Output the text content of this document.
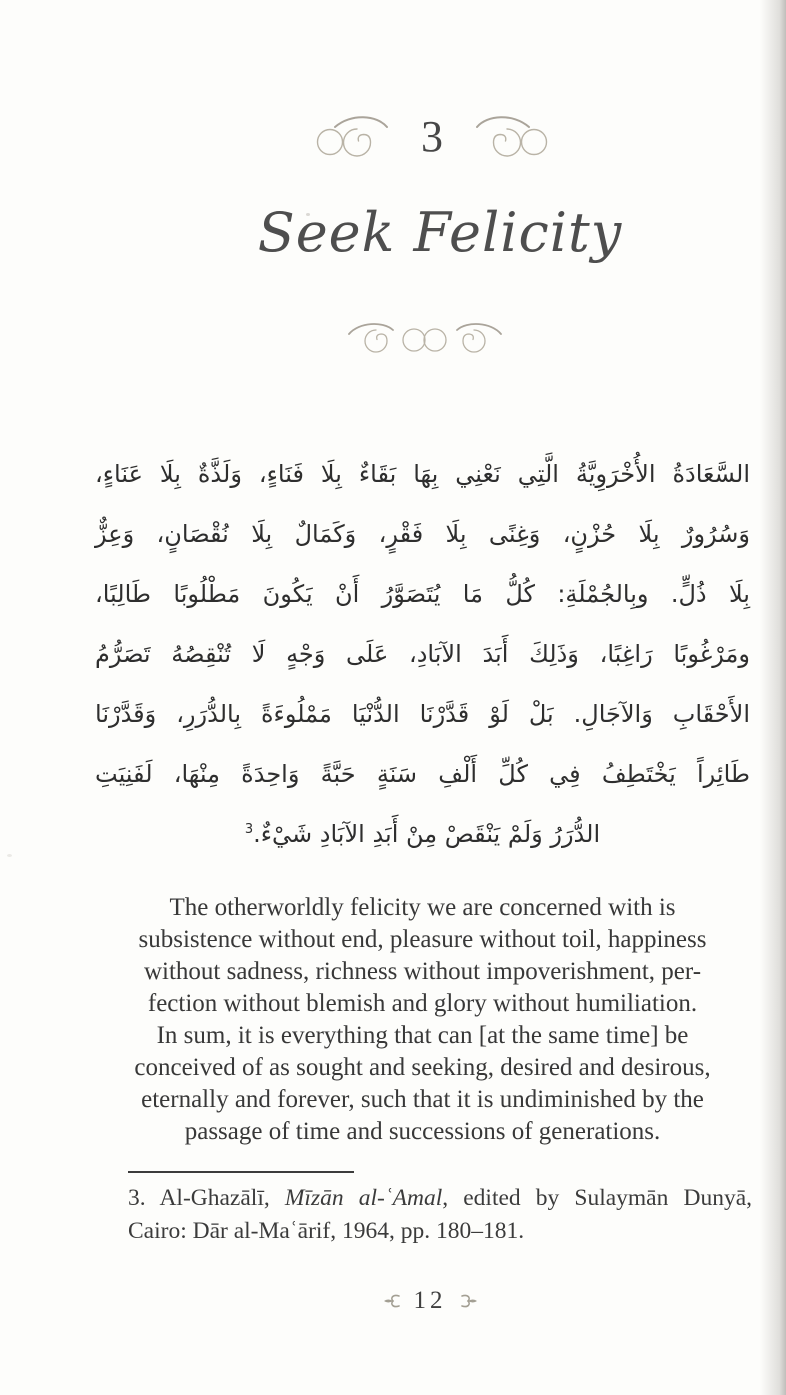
3
Seek Felicity
السَّعَادَةُ الأُخْرَوِيَّةُ الَّتِي نَعْنِي بِهَا بَقَاءٌ بِلَا فَنَاءٍ، وَلَذَّةٌ بِلَا عَنَاءٍ،
وَسُرُورٌ بِلَا حُزْنٍ، وَغِنًى بِلَا فَقْرٍ، وَكَمَالٌ بِلَا نُقْصَانٍ، وَعِزٌّ
بِلَا ذُلٍّ. وبِالجُمْلَةِ: كُلُّ مَا يُتَصَوَّرُ أَنْ يَكُونَ مَطْلُوبًا طَالِبًا،
ومَرْغُوبًا رَاغِبًا، وَذَلِكَ أَبَدَ الآبَادِ، عَلَى وَجْهٍ لَا تُنْقِصُهُ تَصَرُّمُ
الأَحْقَابِ وَالآجَالِ. بَلْ لَوْ قَدَّرْنَا الدُّنْيَا مَمْلُوءَةً بِالدُّرَرِ، وَقَدَّرْنَا
طَائِراً يَخْتَطِفُ فِي كُلِّ أَلْفِ سَنَةٍ حَبَّةً وَاحِدَةً مِنْهَا، لَفَنِيَتِ
الدُّرَرُ وَلَمْ يَنْقَصْ مِنْ أَبَدِ الآبَادِ شَيْءٌ.$^3$
The otherworldly felicity we are concerned with is
subsistence without end, pleasure without toil, happiness
without sadness, richness without impoverishment, per-
fection without blemish and glory without humiliation.
In sum, it is everything that can [at the same time] be
conceived of as sought and seeking, desired and desirous,
eternally and forever, such that it is undiminished by the
passage of time and successions of generations.
3. Al-Ghazālī, Mīzān al-ʿAmal, edited by Sulaymān Dunyā,
Cairo: Dār al-Maʿārif, 1964, pp. 180–181.
12
